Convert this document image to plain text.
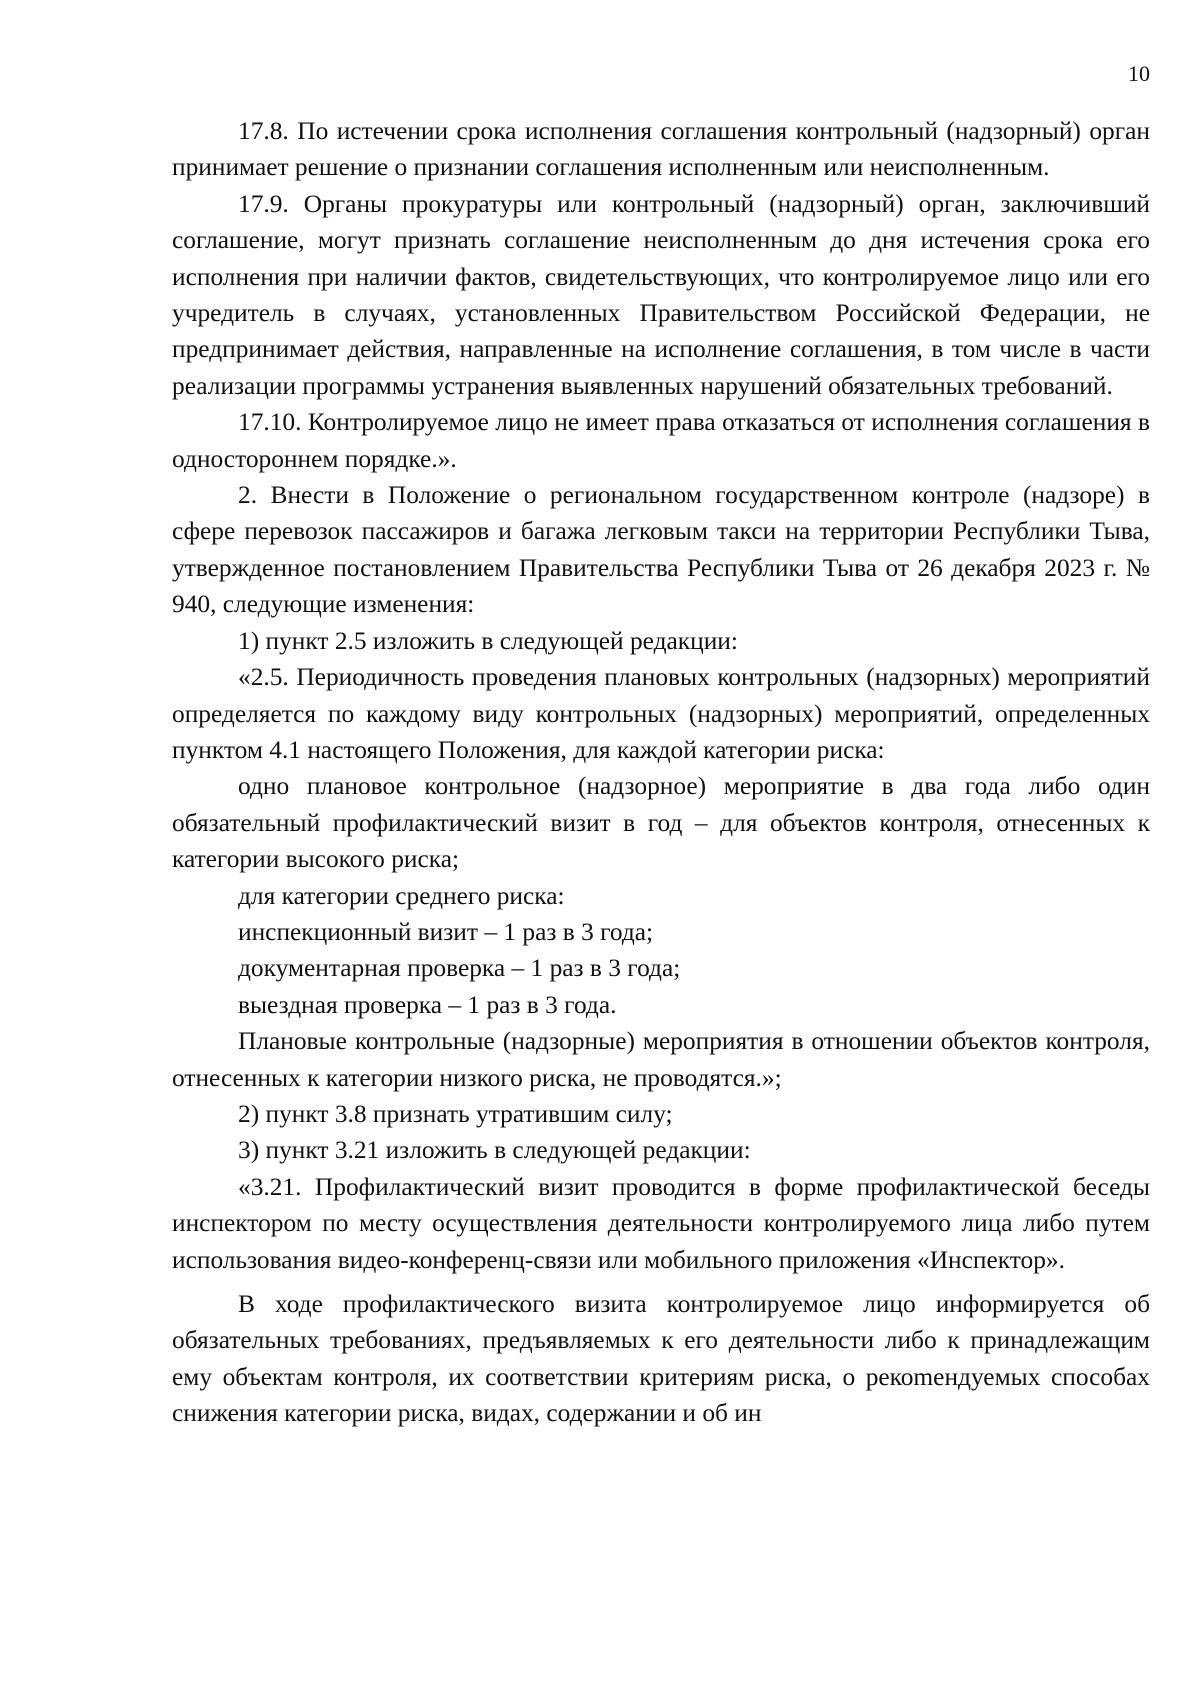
10

17.8. По истечении срока исполнения соглашения контрольный (надзорный) орган принимает решение о признании соглашения исполненным или неисполненным.

17.9. Органы прокуратуры или контрольный (надзорный) орган, заключивший соглашение, могут признать соглашение неисполненным до дня истечения срока его исполнения при наличии фактов, свидетельствующих, что контролируемое лицо или его учредитель в случаях, установленных Правительством Российской Федерации, не предпринимает действия, направленные на исполнение соглашения, в том числе в части реализации программы устранения выявленных нарушений обязательных требований.

17.10. Контролируемое лицо не имеет права отказаться от исполнения соглашения в одностороннем порядке.».

2. Внести в Положение о региональном государственном контроле (надзоре) в сфере перевозок пассажиров и багажа легковым такси на территории Республики Тыва, утвержденное постановлением Правительства Республики Тыва от 26 декабря 2023 г. № 940, следующие изменения:

1) пункт 2.5 изложить в следующей редакции:

«2.5. Периодичность проведения плановых контрольных (надзорных) мероприятий определяется по каждому виду контрольных (надзорных) мероприятий, определенных пунктом 4.1 настоящего Положения, для каждой категории риска:

одно плановое контрольное (надзорное) мероприятие в два года либо один обязательный профилактический визит в год – для объектов контроля, отнесенных к категории высокого риска;

для категории среднего риска:

инспекционный визит – 1 раз в 3 года;

документарная проверка – 1 раз в 3 года;

выездная проверка – 1 раз в 3 года.

Плановые контрольные (надзорные) мероприятия в отношении объектов контроля, отнесенных к категории низкого риска, не проводятся.»;

2) пункт 3.8 признать утратившим силу;

3) пункт 3.21 изложить в следующей редакции:

«3.21. Профилактический визит проводится в форме профилактической беседы инспектором по месту осуществления деятельности контролируемого лица либо путем использования видео-конференц-связи или мобильного приложения «Инспектор».

В ходе профилактического визита контролируемое лицо информируется об обязательных требованиях, предъявляемых к его деятельности либо к принадлежащим ему объектам контроля, их соответствии критериям риска, о рекоmендуемых способах снижения категории риска, видах, содержании и об ин
